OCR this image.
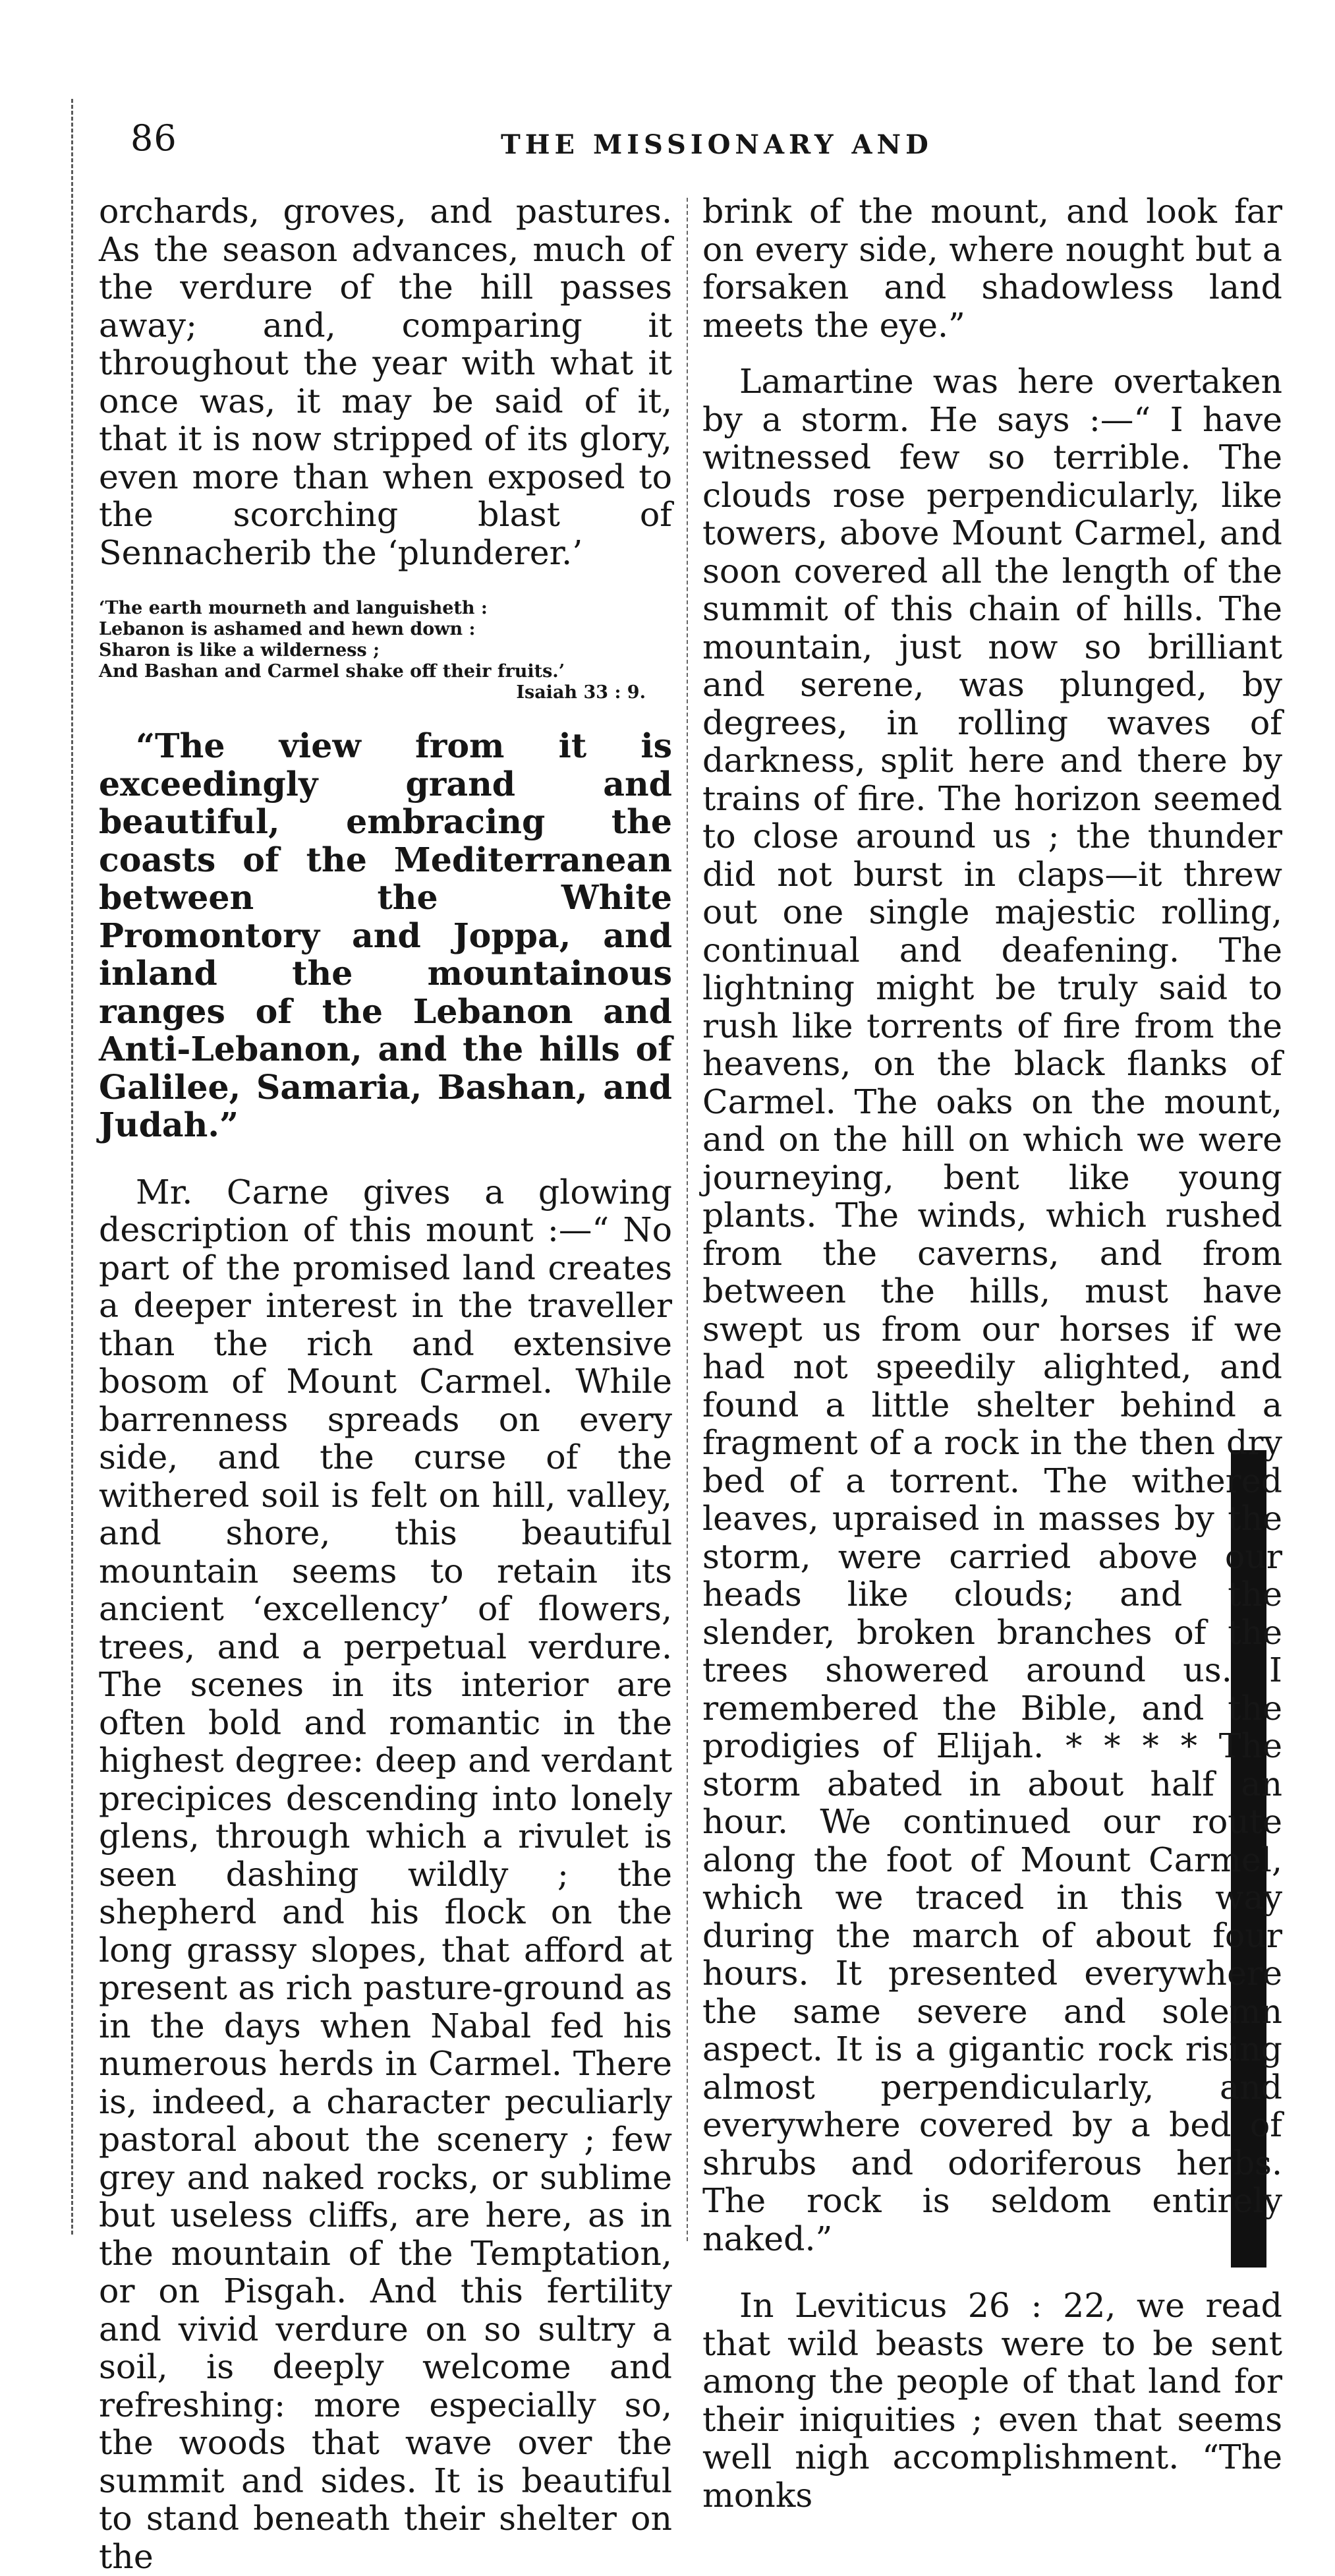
86	THE MISSIONARY AND

orchards, groves, and pastures. As the season advances, much of the verdure of the hill passes away; and, comparing it throughout the year with what it once was, it may be said of it, that it is now stripped of its glory, even more than when exposed to the scorching blast of Sennacherib the ‘plunderer.’

‘The earth mourneth and languisheth :
Lebanon is ashamed and hewn down :
Sharon is like a wilderness ;
And Bashan and Carmel shake off their fruits.’
Isaiah 33 : 9.

“The view from it is exceedingly grand and beautiful, embracing the coasts of the Mediterranean between the White Promontory and Joppa, and inland the mountainous ranges of the Lebanon and Anti-Lebanon, and the hills of Galilee, Samaria, Bashan, and Judah.”

Mr. Carne gives a glowing description of this mount :—“ No part of the promised land creates a deeper interest in the traveller than the rich and extensive bosom of Mount Carmel. While barrenness spreads on every side, and the curse of the withered soil is felt on hill, valley, and shore, this beautiful mountain seems to retain its ancient ‘excellency’ of flowers, trees, and a perpetual verdure. The scenes in its interior are often bold and romantic in the highest degree: deep and verdant precipices descending into lonely glens, through which a rivulet is seen dashing wildly ; the shepherd and his flock on the long grassy slopes, that afford at present as rich pasture-ground as in the days when Nabal fed his numerous herds in Carmel. There is, indeed, a character peculiarly pastoral about the scenery ; few grey and naked rocks, or sublime but useless cliffs, are here, as in the mountain of the Temptation, or on Pisgah. And this fertility and vivid verdure on so sultry a soil, is deeply welcome and refreshing: more especially so, the woods that wave over the summit and sides. It is beautiful to stand beneath their shelter on the

brink of the mount, and look far on every side, where nought but a forsaken and shadowless land meets the eye.”

Lamartine was here overtaken by a storm. He says :—“ I have witnessed few so terrible. The clouds rose perpendicularly, like towers, above Mount Carmel, and soon covered all the length of the summit of this chain of hills. The mountain, just now so brilliant and serene, was plunged, by degrees, in rolling waves of darkness, split here and there by trains of fire. The horizon seemed to close around us ; the thunder did not burst in claps—it threw out one single majestic rolling, continual and deafening. The lightning might be truly said to rush like torrents of fire from the heavens, on the black flanks of Carmel. The oaks on the mount, and on the hill on which we were journeying, bent like young plants. The winds, which rushed from the caverns, and from between the hills, must have swept us from our horses if we had not speedily alighted, and found a little shelter behind a fragment of a rock in the then dry bed of a torrent. The withered leaves, upraised in masses by the storm, were carried above our heads like clouds; and the slender, broken branches of the trees showered around us. I remembered the Bible, and the prodigies of Elijah. * * * * The storm abated in about half an hour. We continued our route along the foot of Mount Carmel, which we traced in this way during the march of about four hours. It presented everywhere the same severe and solemn aspect. It is a gigantic rock rising almost perpendicularly, and everywhere covered by a bed of shrubs and odoriferous herbs. The rock is seldom entirely naked.”

In Leviticus 26 : 22, we read that wild beasts were to be sent among the people of that land for their iniquities ; even that seems well nigh accomplishment. “The monks
